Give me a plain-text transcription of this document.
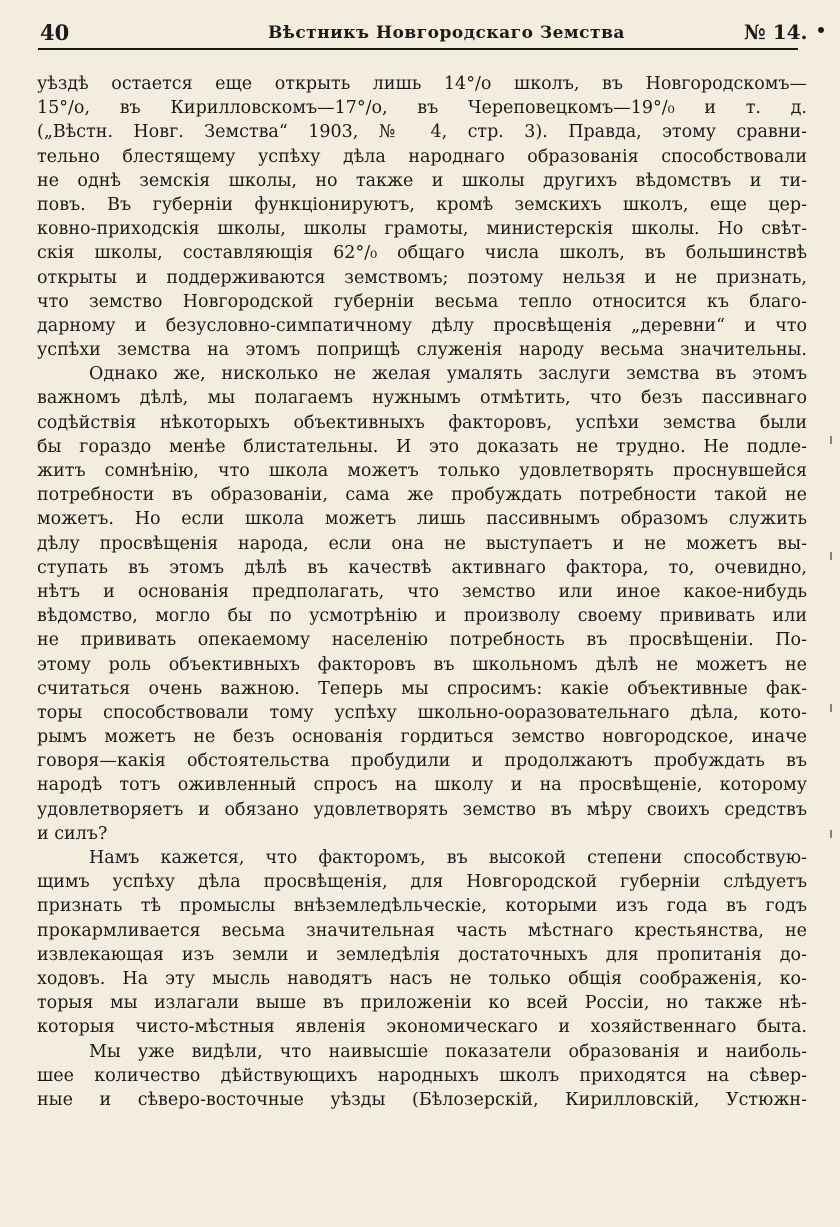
40	Вѣстникъ Новгородскаго Земства	№ 14.
уѣздѣ остается еще открыть лишь 14°/о школъ, въ Новгородскомъ—
15°/о, въ Кирилловскомъ—17°/о, въ Череповецкомъ—19°/₀ и т. д.
(„Вѣстн. Новг. Земства“ 1903, № 4, стр. 3). Правда, этому сравни-
тельно блестящему успѣху дѣла народнаго образованія способствовали
не однѣ земскія школы, но также и школы другихъ вѣдомствъ и ти-
повъ. Въ губерніи функціонируютъ, кромѣ земскихъ школъ, еще цер-
ковно-приходскія школы, школы грамоты, министерскія школы. Но свѣт-
скія школы, составляющія 62°/₀ общаго числа школъ, въ большинствѣ
открыты и поддерживаются земствомъ; поэтому нельзя и не признать,
что земство Новгородской губерніи весьма тепло относится къ благо-
дарному и безусловно-симпатичному дѣлу просвѣщенія „деревни“ и что
успѣхи земства на этомъ поприщѣ служенія народу весьма значительны.
Однако же, нисколько не желая умалять заслуги земства въ этомъ
важномъ дѣлѣ, мы полагаемъ нужнымъ отмѣтить, что безъ пассивнаго
содѣйствія нѣкоторыхъ объективныхъ факторовъ, успѣхи земства были
бы гораздо менѣе блистательны. И это доказать не трудно. Не подле-
житъ сомнѣнію, что школа можетъ только удовлетворять проснувшейся
потребности въ образованіи, сама же пробуждать потребности такой не
можетъ. Но если школа можетъ лишь пассивнымъ образомъ служить
дѣлу просвѣщенія народа, если она не выступаетъ и не можетъ вы-
ступать въ этомъ дѣлѣ въ качествѣ активнаго фактора, то, очевидно,
нѣтъ и основанія предполагать, что земство или иное какое-нибудь
вѣдомство, могло бы по усмотрѣнію и произволу своему прививать или
не прививать опекаемому населенію потребность въ просвѣщеніи. По-
этому роль объективныхъ факторовъ въ школьномъ дѣлѣ не можетъ не
считаться очень важною. Теперь мы спросимъ: какіе объективные фак-
торы способствовали тому успѣху школьно-ооразовательнаго дѣла, кото-
рымъ можетъ не безъ основанія гордиться земство новгородское, иначе
говоря—какія обстоятельства пробудили и продолжаютъ пробуждать въ
народѣ тотъ оживленный спросъ на школу и на просвѣщеніе, которому
удовлетворяетъ и обязано удовлетворять земство въ мѣру своихъ средствъ
и силъ?
Намъ кажется, что факторомъ, въ высокой степени способствую-
щимъ успѣху дѣла просвѣщенія, для Новгородской губерніи слѣдуетъ
признать тѣ промыслы внѣземледѣльческіе, которыми изъ года въ годъ
прокармливается весьма значительная часть мѣстнаго крестьянства, не
извлекающая изъ земли и земледѣлія достаточныхъ для пропитанія до-
ходовъ. На эту мысль наводятъ насъ не только общія соображенія, ко-
торыя мы излагали выше въ приложеніи ко всей Россіи, но также нѣ-
которыя чисто-мѣстныя явленія экономическаго и хозяйственнаго быта.
Мы уже видѣли, что наивысшіе показатели образованія и наиболь-
шее количество дѣйствующихъ народныхъ школъ приходятся на сѣвер-
ные и сѣверо-восточные уѣзды (Бѣлозерскій, Кирилловскій, Устюжн-
